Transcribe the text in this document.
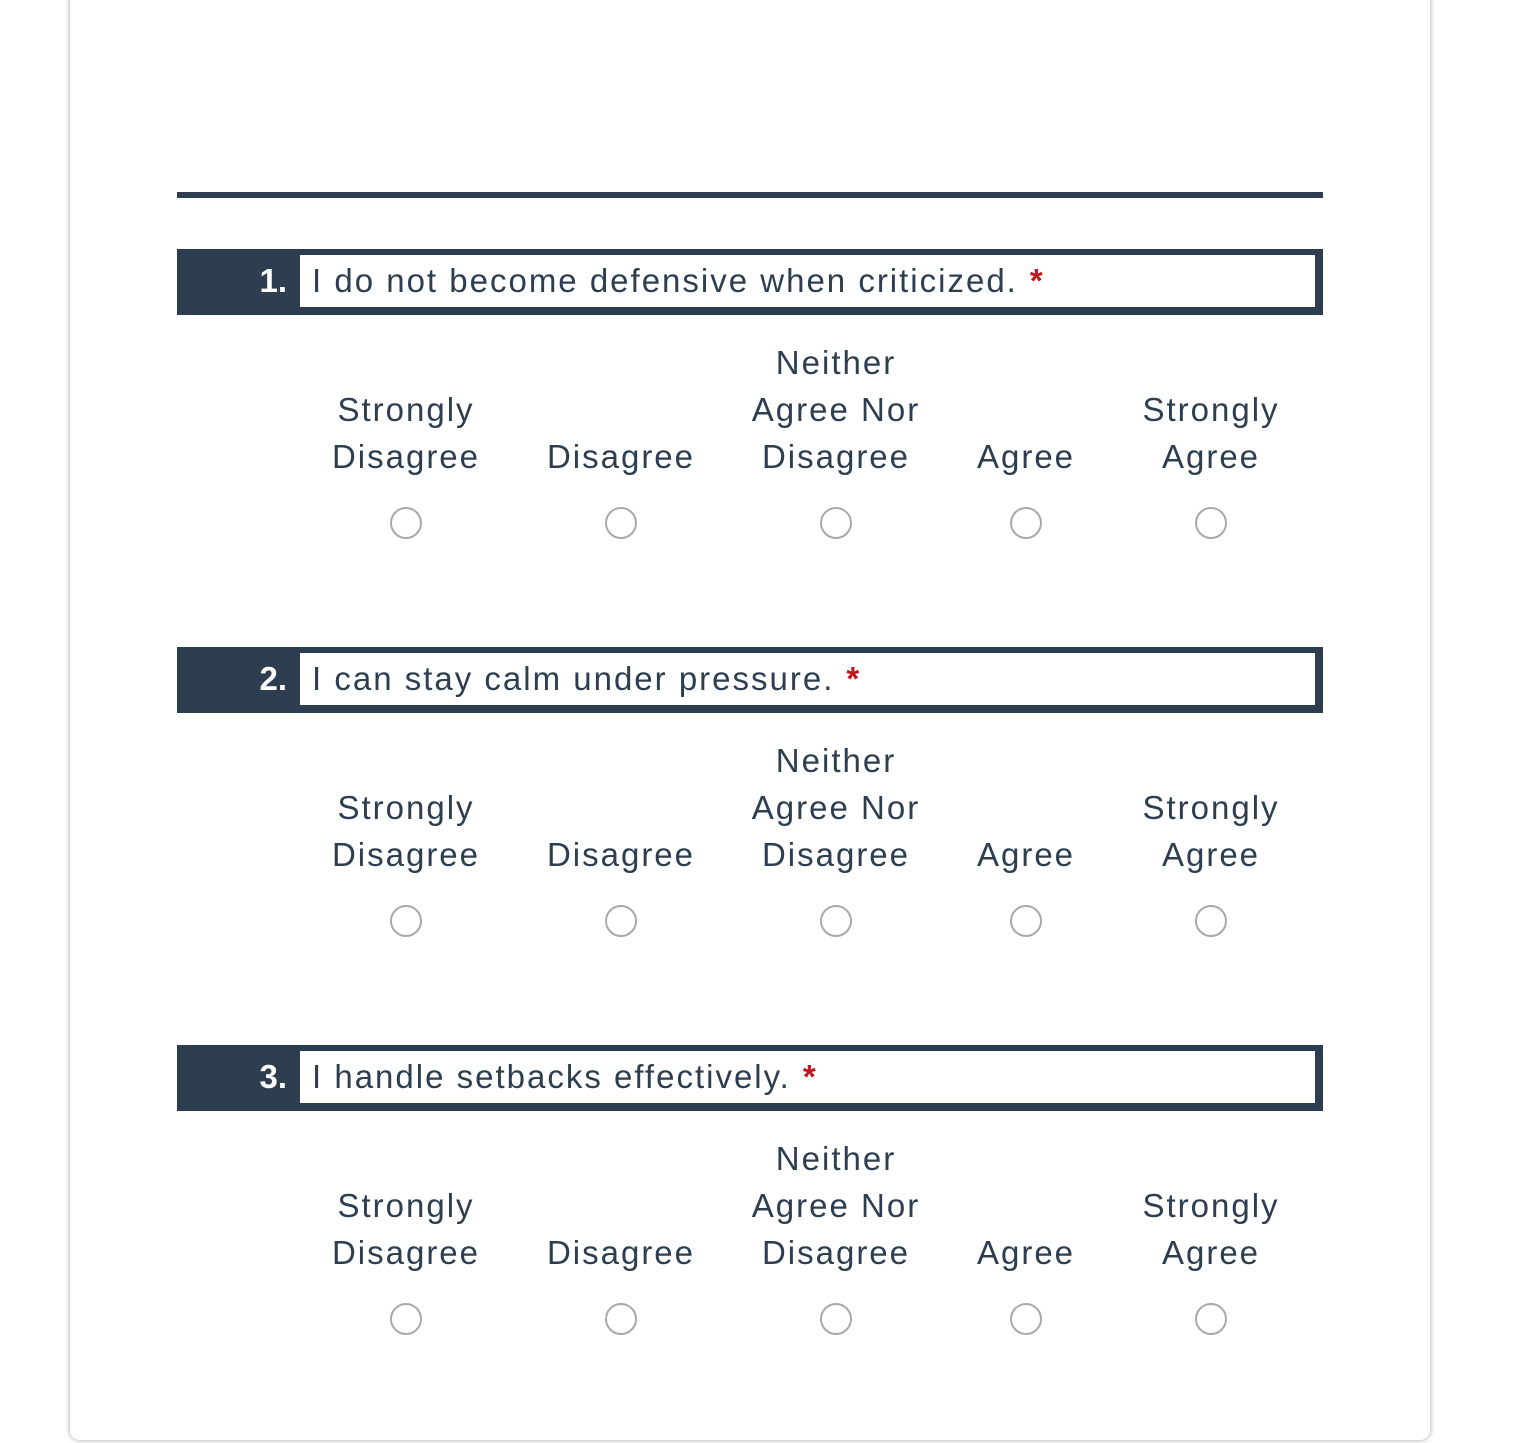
1. I do not become defensive when criticized. *
Strongly
Disagree	Disagree
Neither
Agree Nor
Disagree	Agree
Strongly
Agree
2. I can stay calm under pressure. *
Strongly
Disagree	Disagree
Neither
Agree Nor
Disagree	Agree
Strongly
Agree
3. I handle setbacks effectively. *
Strongly
Disagree	Disagree
Neither
Agree Nor
Disagree	Agree
Strongly
Agree
